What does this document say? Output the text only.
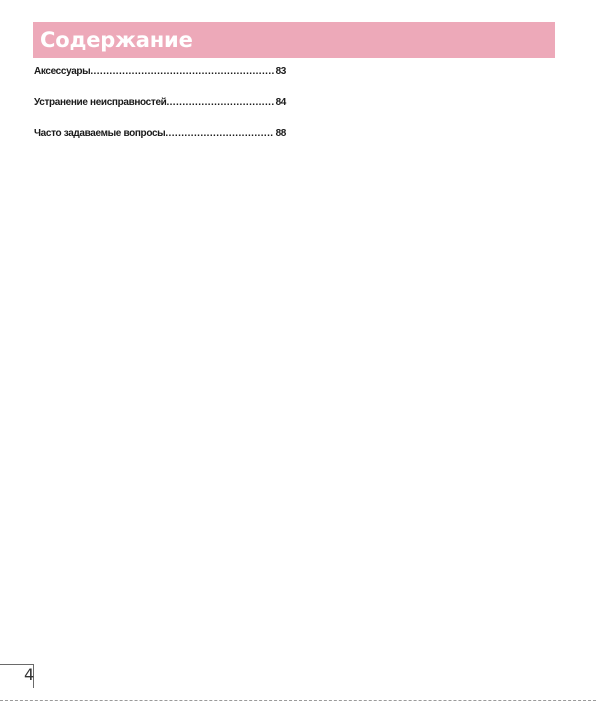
Содержание
Аксессуары .....	83
Устранение неисправностей .....	84
Часто задаваемые вопросы .....	88
4
